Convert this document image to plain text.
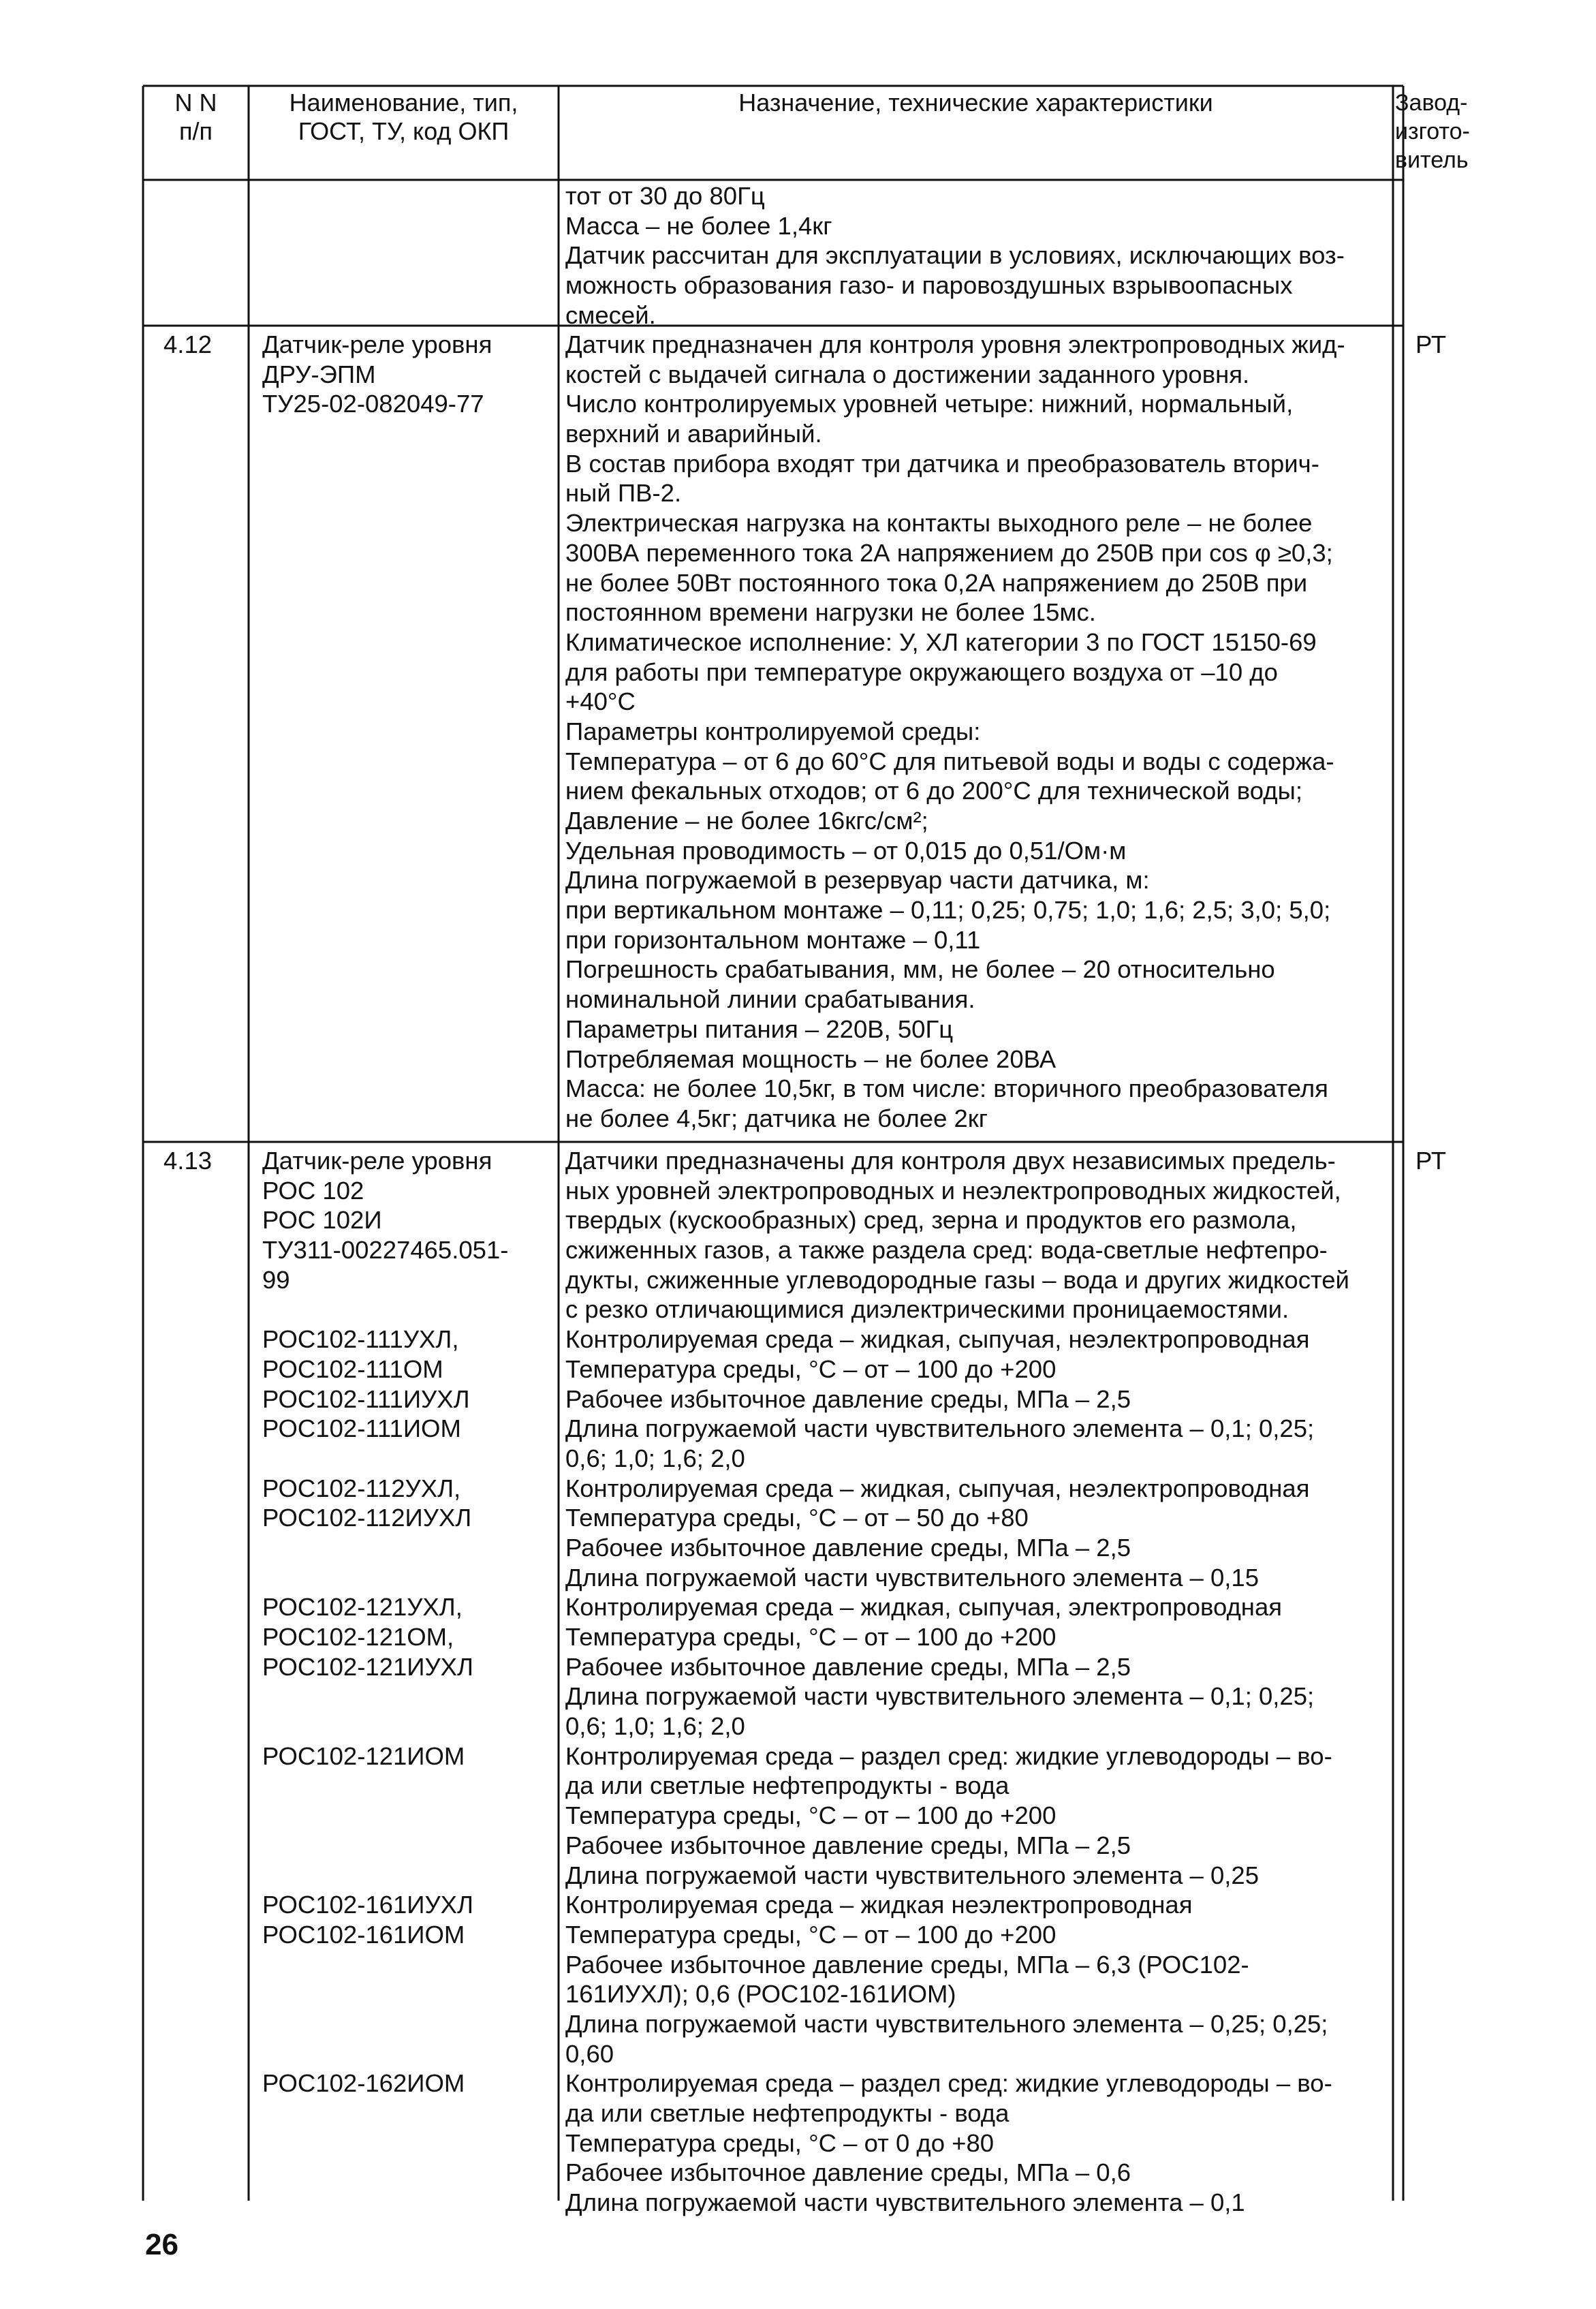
N N
п/п
Наименование, тип,
ГОСТ, ТУ, код ОКП
Назначение, технические характеристики	Завод-
изгото-
витель
тот от 30 до 80Гц
Масса – не более 1,4кг
Датчик рассчитан для эксплуатации в условиях, исключающих воз-
можность образования газо- и паровоздушных взрывоопасных
смесей.
4.12 Датчик-реле уровня
ДРУ-ЭПМ
ТУ25-02-082049-77
РТ
Датчик предназначен для контроля уровня электропроводных жид-
костей с выдачей сигнала о достижении заданного уровня.
Число контролируемых уровней четыре: нижний, нормальный,
верхний и аварийный.
В состав прибора входят три датчика и преобразователь вторич-
ный ПВ-2.
Электрическая нагрузка на контакты выходного реле – не более
300ВА переменного тока 2А напряжением до 250В при cos φ ≥0,3;
не более 50Вт постоянного тока 0,2А напряжением до 250В при
постоянном времени нагрузки не более 15мс.
Климатическое исполнение: У, ХЛ категории 3 по ГОСТ 15150-69
для работы при температуре окружающего воздуха от –10 до
+40°С
Параметры контролируемой среды:
Температура – от 6 до 60°С для питьевой воды и воды с содержа-
нием фекальных отходов; от 6 до 200°С для технической воды;
Давление – не более 16кгс/см²;
Удельная проводимость – от 0,015 до 0,51/Ом·м
Длина погружаемой в резервуар части датчика, м:
при вертикальном монтаже – 0,11; 0,25; 0,75; 1,0; 1,6; 2,5; 3,0; 5,0;
при горизонтальном монтаже – 0,11
Погрешность срабатывания, мм, не более – 20 относительно
номинальной линии срабатывания.
Параметры питания – 220В, 50Гц
Потребляемая мощность – не более 20ВА
Масса: не более 10,5кг, в том числе: вторичного преобразователя
не более 4,5кг; датчика не более 2кг
4.13 Датчик-реле уровня
РОС 102
РОС 102И
ТУ311-00227465.051-
99
РОС102-111УХЛ,
РОС102-111ОМ
РОС102-111ИУХЛ
РОС102-111ИОМ
РОС102-112УХЛ,
РОС102-112ИУХЛ
РОС102-121УХЛ,
РОС102-121ОМ,
РОС102-121ИУХЛ
РОС102-121ИОМ
РОС102-161ИУХЛ
РОС102-161ИОМ
РОС102-162ИОМ
РТ
Датчики предназначены для контроля двух независимых предель-
ных уровней электропроводных и неэлектропроводных жидкостей,
твердых (кускообразных) сред, зерна и продуктов его размола,
сжиженных газов, а также раздела сред: вода-светлые нефтепро-
дукты, сжиженные углеводородные газы – вода и других жидкостей
с резко отличающимися диэлектрическими проницаемостями.
Контролируемая среда – жидкая, сыпучая, неэлектропроводная
Температура среды, °С – от – 100 до +200
Рабочее избыточное давление среды, МПа – 2,5
Длина погружаемой части чувствительного элемента – 0,1; 0,25;
0,6; 1,0; 1,6; 2,0
Контролируемая среда – жидкая, сыпучая, неэлектропроводная
Температура среды, °С – от – 50 до +80
Рабочее избыточное давление среды, МПа – 2,5
Длина погружаемой части чувствительного элемента – 0,15
Контролируемая среда – жидкая, сыпучая, электропроводная
Температура среды, °С – от – 100 до +200
Рабочее избыточное давление среды, МПа – 2,5
Длина погружаемой части чувствительного элемента – 0,1; 0,25;
0,6; 1,0; 1,6; 2,0
Контролируемая среда – раздел сред: жидкие углеводороды – во-
да или светлые нефтепродукты - вода
Температура среды, °С – от – 100 до +200
Рабочее избыточное давление среды, МПа – 2,5
Длина погружаемой части чувствительного элемента – 0,25
Контролируемая среда – жидкая неэлектропроводная
Температура среды, °С – от – 100 до +200
Рабочее избыточное давление среды, МПа – 6,3 (РОС102-
161ИУХЛ); 0,6 (РОС102-161ИОМ)
Длина погружаемой части чувствительного элемента – 0,25; 0,25;
0,60
Контролируемая среда – раздел сред: жидкие углеводороды – во-
да или светлые нефтепродукты - вода
Температура среды, °С – от 0 до +80
Рабочее избыточное давление среды, МПа – 0,6
Длина погружаемой части чувствительного элемента – 0,1
26
